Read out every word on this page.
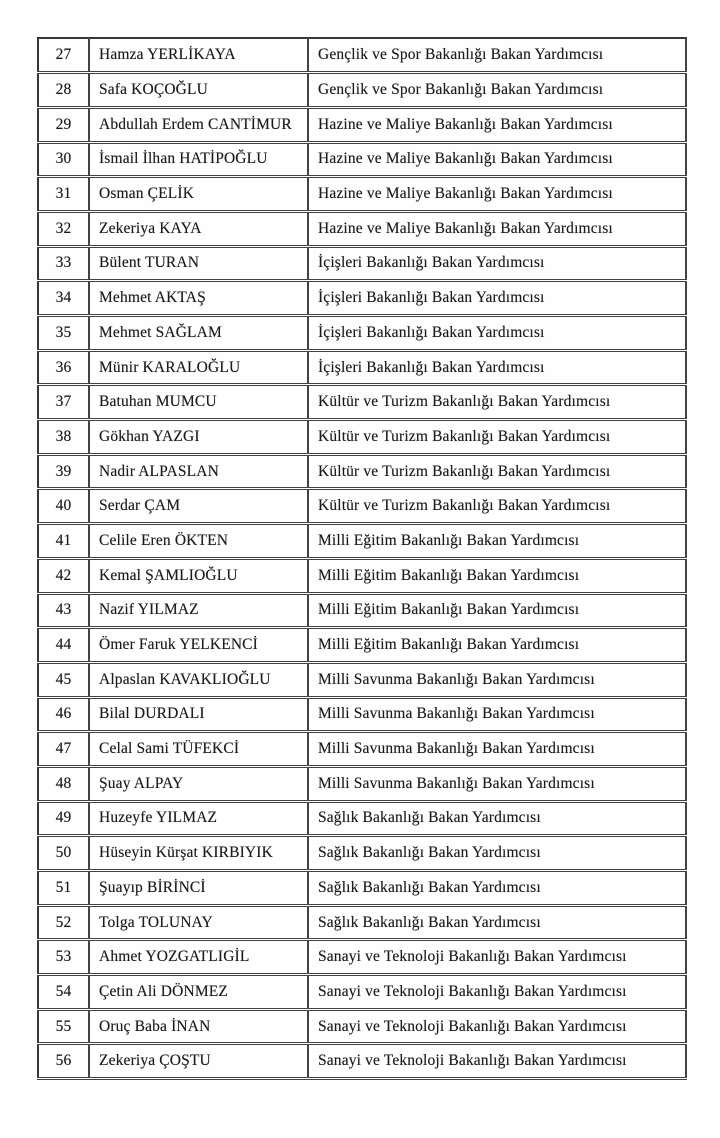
27	Hamza YERLİKAYA	Gençlik ve Spor Bakanlığı Bakan Yardımcısı
28	Safa KOÇOĞLU	Gençlik ve Spor Bakanlığı Bakan Yardımcısı
29	Abdullah Erdem CANTİMUR	Hazine ve Maliye Bakanlığı Bakan Yardımcısı
30	İsmail İlhan HATİPOĞLU	Hazine ve Maliye Bakanlığı Bakan Yardımcısı
31	Osman ÇELİK	Hazine ve Maliye Bakanlığı Bakan Yardımcısı
32	Zekeriya KAYA	Hazine ve Maliye Bakanlığı Bakan Yardımcısı
33	Bülent TURAN	İçişleri Bakanlığı Bakan Yardımcısı
34	Mehmet AKTAŞ	İçişleri Bakanlığı Bakan Yardımcısı
35	Mehmet SAĞLAM	İçişleri Bakanlığı Bakan Yardımcısı
36	Münir KARALOĞLU	İçişleri Bakanlığı Bakan Yardımcısı
37	Batuhan MUMCU	Kültür ve Turizm Bakanlığı Bakan Yardımcısı
38	Gökhan YAZGI	Kültür ve Turizm Bakanlığı Bakan Yardımcısı
39	Nadir ALPASLAN	Kültür ve Turizm Bakanlığı Bakan Yardımcısı
40	Serdar ÇAM	Kültür ve Turizm Bakanlığı Bakan Yardımcısı
41	Celile Eren ÖKTEN	Milli Eğitim Bakanlığı Bakan Yardımcısı
42	Kemal ŞAMLIOĞLU	Milli Eğitim Bakanlığı Bakan Yardımcısı
43	Nazif YILMAZ	Milli Eğitim Bakanlığı Bakan Yardımcısı
44	Ömer Faruk YELKENCİ	Milli Eğitim Bakanlığı Bakan Yardımcısı
45	Alpaslan KAVAKLIOĞLU	Milli Savunma Bakanlığı Bakan Yardımcısı
46	Bilal DURDALI	Milli Savunma Bakanlığı Bakan Yardımcısı
47	Celal Sami TÜFEKCİ	Milli Savunma Bakanlığı Bakan Yardımcısı
48	Şuay ALPAY	Milli Savunma Bakanlığı Bakan Yardımcısı
49	Huzeyfe YILMAZ	Sağlık Bakanlığı Bakan Yardımcısı
50	Hüseyin Kürşat KIRBIYIK	Sağlık Bakanlığı Bakan Yardımcısı
51	Şuayıp BİRİNCİ	Sağlık Bakanlığı Bakan Yardımcısı
52	Tolga TOLUNAY	Sağlık Bakanlığı Bakan Yardımcısı
53	Ahmet YOZGATLIGİL	Sanayi ve Teknoloji Bakanlığı Bakan Yardımcısı
54	Çetin Ali DÖNMEZ	Sanayi ve Teknoloji Bakanlığı Bakan Yardımcısı
55	Oruç Baba İNAN	Sanayi ve Teknoloji Bakanlığı Bakan Yardımcısı
56	Zekeriya ÇOŞTU	Sanayi ve Teknoloji Bakanlığı Bakan Yardımcısı
